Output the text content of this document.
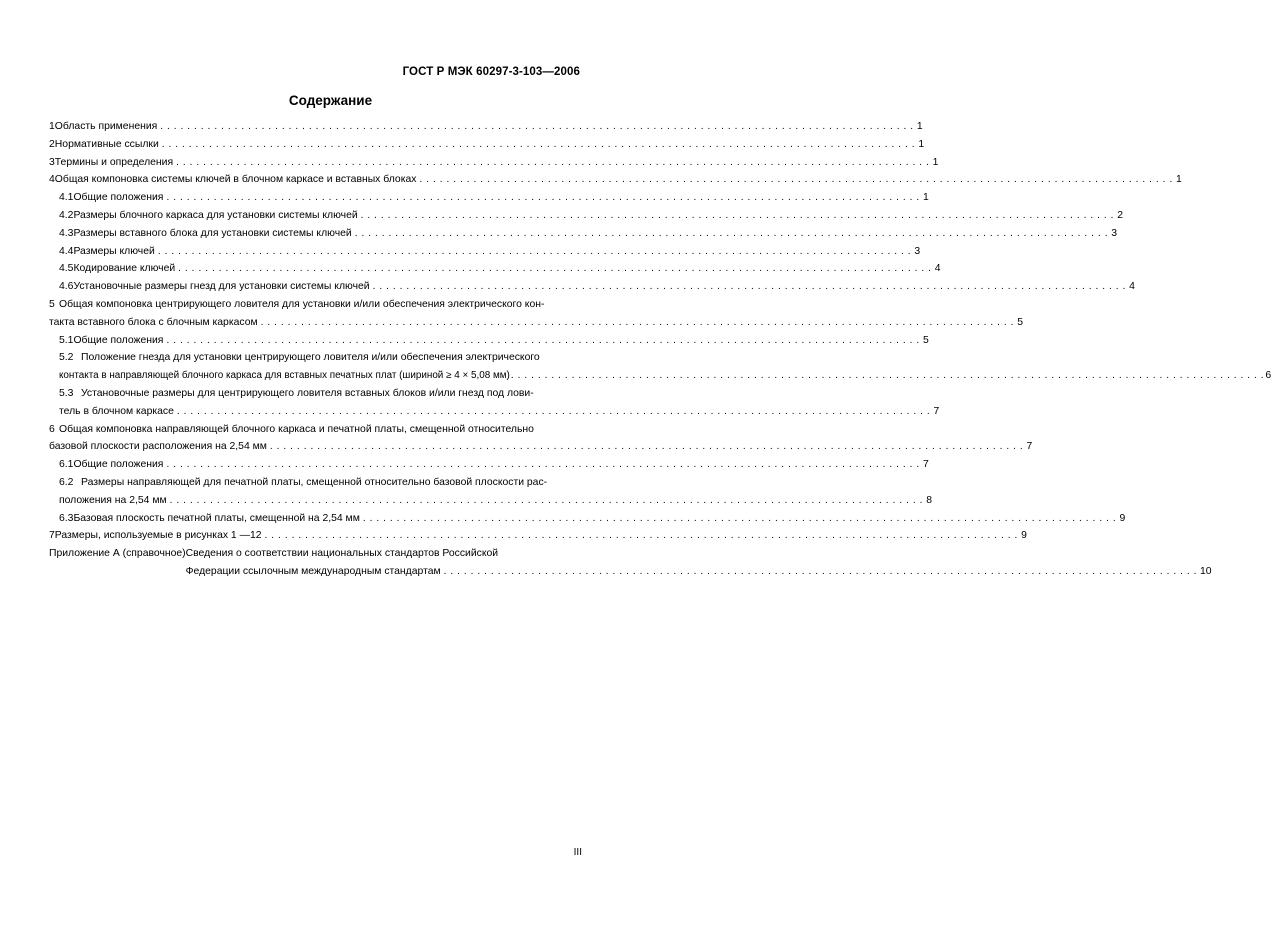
ГОСТ Р МЭК 60297-3-103—2006
Содержание
1 Область применения . . .	1
2 Нормативные ссылки . . .	1
3 Термины и определения . . .	1
4 Общая компоновка системы ключей в блочном каркасе и вставных блоках . . .	1
4.1 Общие положения . . .	1
4.2 Размеры блочного каркаса для установки системы ключей . . .	2
4.3 Размеры вставного блока для установки системы ключей . . .	3
4.4 Размеры ключей . . .	3
4.5 Кодирование ключей . . .	4
4.6 Установочные размеры гнезд для установки системы ключей . . .	4
5 Общая компоновка центрирующего ловителя для установки и/или обеспечения электрического кон-
такта вставного блока с блочным каркасом . . .	5
5.1 Общие положения . . .	5
5.2 Положение гнезда для установки центрирующего ловителя и/или обеспечения электрического
контакта в направляющей блочного каркаса для вставных печатных плат (шириной ≥ 4 × 5,08 мм) . . .	6
5.3 Установочные размеры для центрирующего ловителя вставных блоков и/или гнезд под лови-
тель в блочном каркасе . . .	7
6 Общая компоновка направляющей блочного каркаса и печатной платы, смещенной относительно
базовой плоскости расположения на 2,54 мм . . .	7
6.1 Общие положения . . .	7
6.2 Размеры направляющей для печатной платы, смещенной относительно базовой плоскости рас-
положения на 2,54 мм . . .	8
6.3 Базовая плоскость печатной платы, смещенной на 2,54 мм . . .	9
7 Размеры, используемые в рисунках 1 —12 . . .	9
Приложение А (справочное) Сведения о соответствии национальных стандартов Российской
Федерации ссылочным международным стандартам . . .	10
III
